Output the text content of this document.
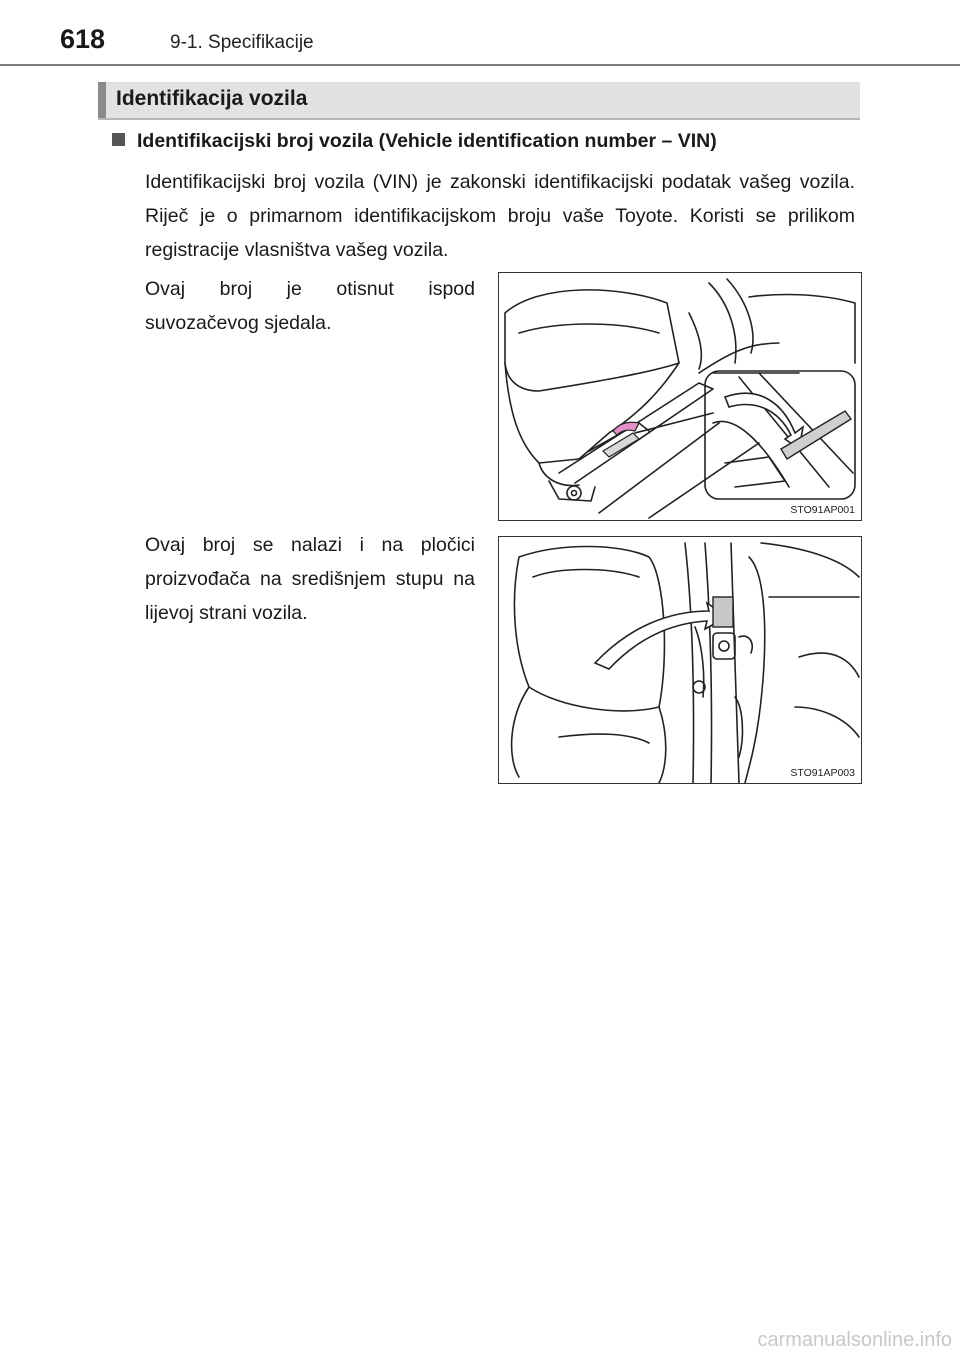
618	9-1. Specifikacije
Identifikacija vozila
Identifikacijski broj vozila (Vehicle identification number – VIN)
Identifikacijski broj vozila (VIN) je zakonski identifikacijski podatak vašeg vozila. Riječ je o primarnom identifikacijskom broju vaše Toyote. Koristi se prilikom registracije vlasništva vašeg vozila.
Ovaj broj je otisnut ispod suvozačevog sjedala.
STO91AP001
Ovaj broj se nalazi i na pločici proizvođača na središnjem stupu na lijevoj strani vozila.
STO91AP003
carmanualsonline.info
